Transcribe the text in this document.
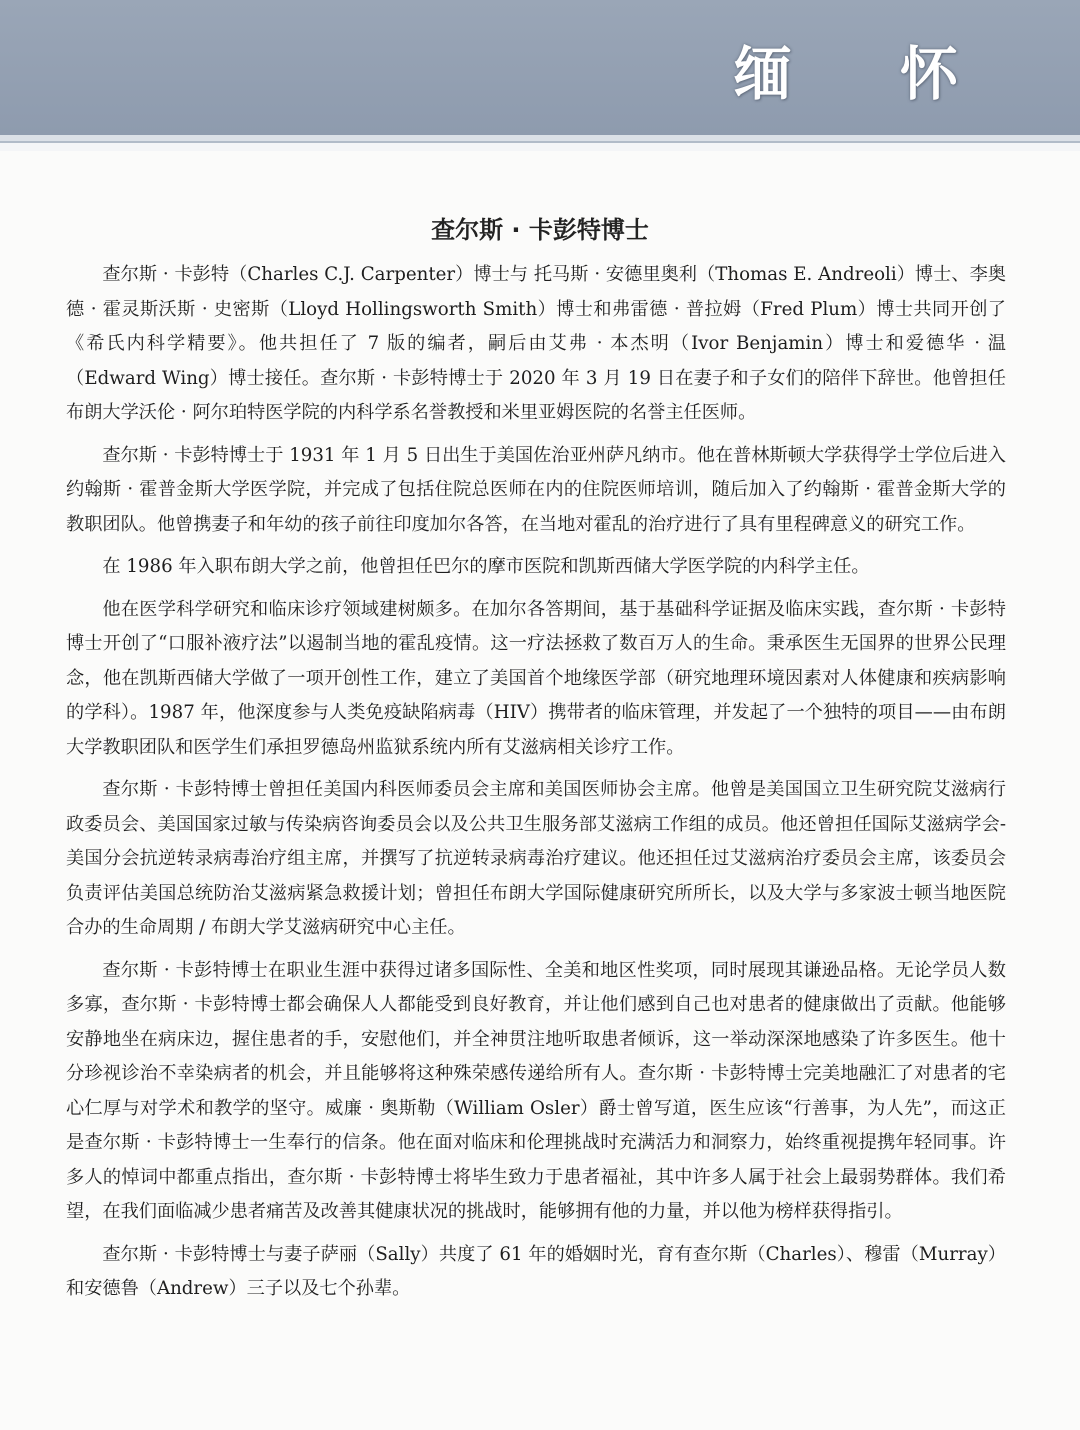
缅 怀
查尔斯 · 卡彭特博士

查尔斯 · 卡彭特（Charles C.J. Carpenter）博士与 托马斯 · 安德里奥利（Thomas E. Andreoli）博士、李奥德 · 霍灵斯沃斯 · 史密斯（Lloyd Hollingsworth Smith）博士和弗雷德 · 普拉姆（Fred Plum）博士共同开创了《希氏内科学精要》。他共担任了 7 版的编者，嗣后由艾弗 · 本杰明（Ivor Benjamin）博士和爱德华 · 温（Edward Wing）博士接任。查尔斯 · 卡彭特博士于 2020 年 3 月 19 日在妻子和子女们的陪伴下辞世。他曾担任布朗大学沃伦 · 阿尔珀特医学院的内科学系名誉教授和米里亚姆医院的名誉主任医师。

查尔斯 · 卡彭特博士于 1931 年 1 月 5 日出生于美国佐治亚州萨凡纳市。他在普林斯顿大学获得学士学位后进入约翰斯 · 霍普金斯大学医学院，并完成了包括住院总医师在内的住院医师培训，随后加入了约翰斯 · 霍普金斯大学的教职团队。他曾携妻子和年幼的孩子前往印度加尔各答，在当地对霍乱的治疗进行了具有里程碑意义的研究工作。

在 1986 年入职布朗大学之前，他曾担任巴尔的摩市医院和凯斯西储大学医学院的内科学主任。

他在医学科学研究和临床诊疗领域建树颇多。在加尔各答期间，基于基础科学证据及临床实践，查尔斯 · 卡彭特博士开创了“口服补液疗法”以遏制当地的霍乱疫情。这一疗法拯救了数百万人的生命。秉承医生无国界的世界公民理念，他在凯斯西储大学做了一项开创性工作，建立了美国首个地缘医学部（研究地理环境因素对人体健康和疾病影响的学科）。1987 年，他深度参与人类免疫缺陷病毒（HIV）携带者的临床管理，并发起了一个独特的项目——由布朗大学教职团队和医学生们承担罗德岛州监狱系统内所有艾滋病相关诊疗工作。

查尔斯 · 卡彭特博士曾担任美国内科医师委员会主席和美国医师协会主席。他曾是美国国立卫生研究院艾滋病行政委员会、美国国家过敏与传染病咨询委员会以及公共卫生服务部艾滋病工作组的成员。他还曾担任国际艾滋病学会-美国分会抗逆转录病毒治疗组主席，并撰写了抗逆转录病毒治疗建议。他还担任过艾滋病治疗委员会主席，该委员会负责评估美国总统防治艾滋病紧急救援计划；曾担任布朗大学国际健康研究所所长，以及大学与多家波士顿当地医院合办的生命周期 / 布朗大学艾滋病研究中心主任。

查尔斯 · 卡彭特博士在职业生涯中获得过诸多国际性、全美和地区性奖项，同时展现其谦逊品格。无论学员人数多寡，查尔斯 · 卡彭特博士都会确保人人都能受到良好教育，并让他们感到自己也对患者的健康做出了贡献。他能够安静地坐在病床边，握住患者的手，安慰他们，并全神贯注地听取患者倾诉，这一举动深深地感染了许多医生。他十分珍视诊治不幸染病者的机会，并且能够将这种殊荣感传递给所有人。查尔斯 · 卡彭特博士完美地融汇了对患者的宅心仁厚与对学术和教学的坚守。威廉 · 奥斯勒（William Osler）爵士曾写道，医生应该“行善事，为人先”，而这正是查尔斯 · 卡彭特博士一生奉行的信条。他在面对临床和伦理挑战时充满活力和洞察力，始终重视提携年轻同事。许多人的悼词中都重点指出，查尔斯 · 卡彭特博士将毕生致力于患者福祉，其中许多人属于社会上最弱势群体。我们希望，在我们面临减少患者痛苦及改善其健康状况的挑战时，能够拥有他的力量，并以他为榜样获得指引。

查尔斯 · 卡彭特博士与妻子萨丽（Sally）共度了 61 年的婚姻时光，育有查尔斯（Charles）、穆雷（Murray）和安德鲁（Andrew）三子以及七个孙辈。
